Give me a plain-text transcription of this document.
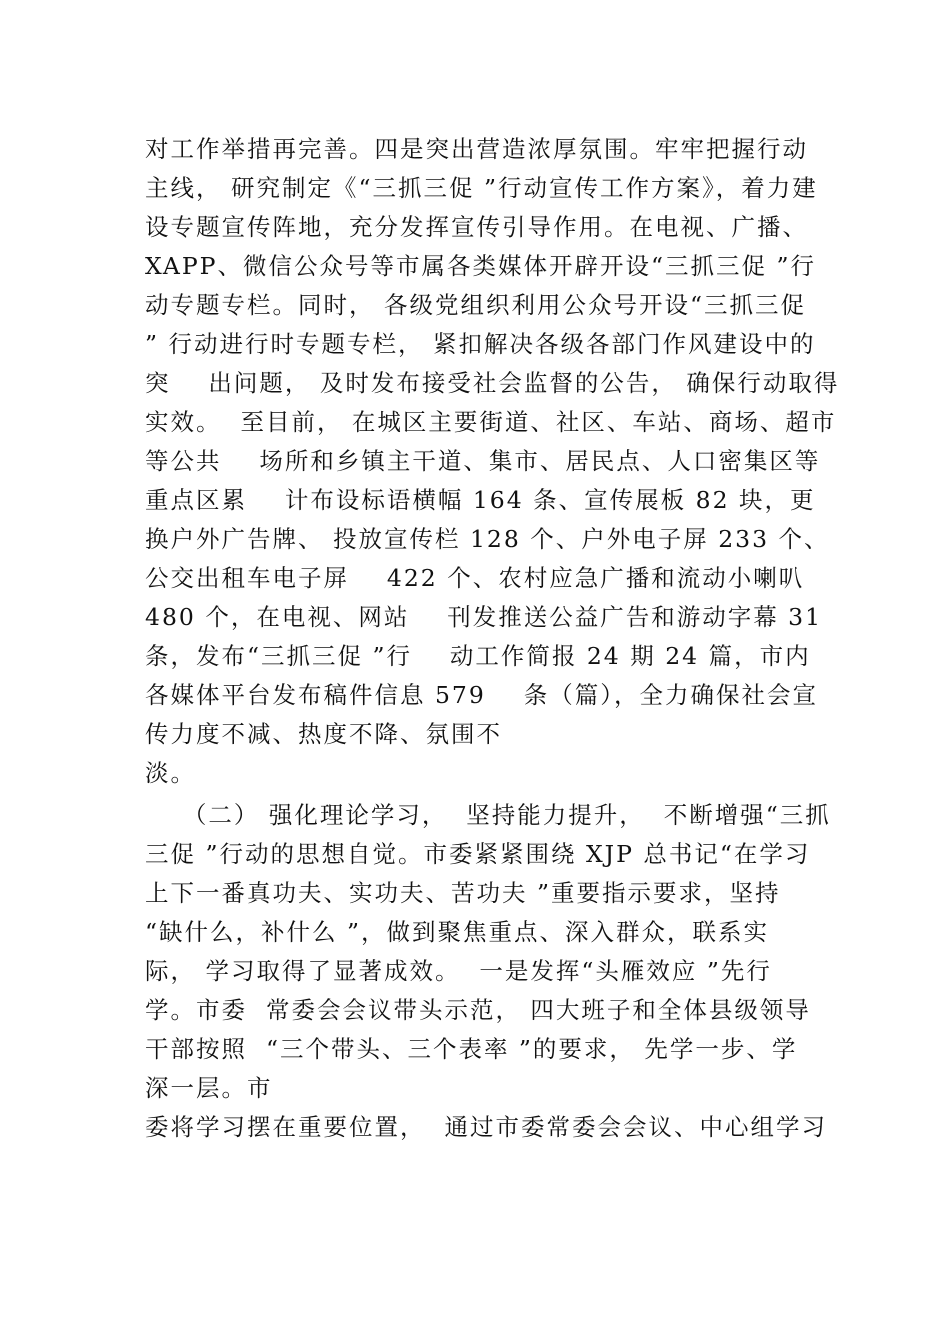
对工作举措再完善。四是突出营造浓厚氛围。牢牢把握行动
主线， 研究制定《“三抓三促 ”行动宣传工作方案》，着力建
设专题宣传阵地，充分发挥宣传引导作用。在电视、广播、
XAPP、微信公众号等市属各类媒体开辟开设“三抓三促 ”行
动专题专栏。同时， 各级党组织利用公众号开设“三抓三促
” 行动进行时专题专栏， 紧扣解决各级各部门作风建设中的
突    出问题， 及时发布接受社会监督的公告， 确保行动取得
实效。  至目前， 在城区主要街道、社区、车站、商场、超市
等公共    场所和乡镇主干道、集市、居民点、人口密集区等
重点区累    计布设标语横幅 164 条、宣传展板 82 块，更
换户外广告牌、 投放宣传栏 128 个、户外电子屏 233 个、
公交出租车电子屏    422 个、农村应急广播和流动小喇叭
480 个，在电视、网站    刊发推送公益广告和游动字幕 31
条，发布“三抓三促 ”行    动工作简报 24 期 24 篇，市内
各媒体平台发布稿件信息 579    条（篇），全力确保社会宣
传力度不减、热度不降、氛围不
淡。
（二） 强化理论学习，  坚持能力提升，  不断增强“三抓
三促 ”行动的思想自觉。市委紧紧围绕 XJP 总书记“在学习
上下一番真功夫、实功夫、苦功夫 ”重要指示要求，坚持
“缺什么，补什么 ”，做到聚焦重点、深入群众，联系实
际， 学习取得了显著成效。  一是发挥“头雁效应 ”先行
学。市委  常委会会议带头示范， 四大班子和全体县级领导
干部按照  “三个带头、三个表率 ”的要求， 先学一步、学
深一层。市
委将学习摆在重要位置，  通过市委常委会会议、中心组学习
